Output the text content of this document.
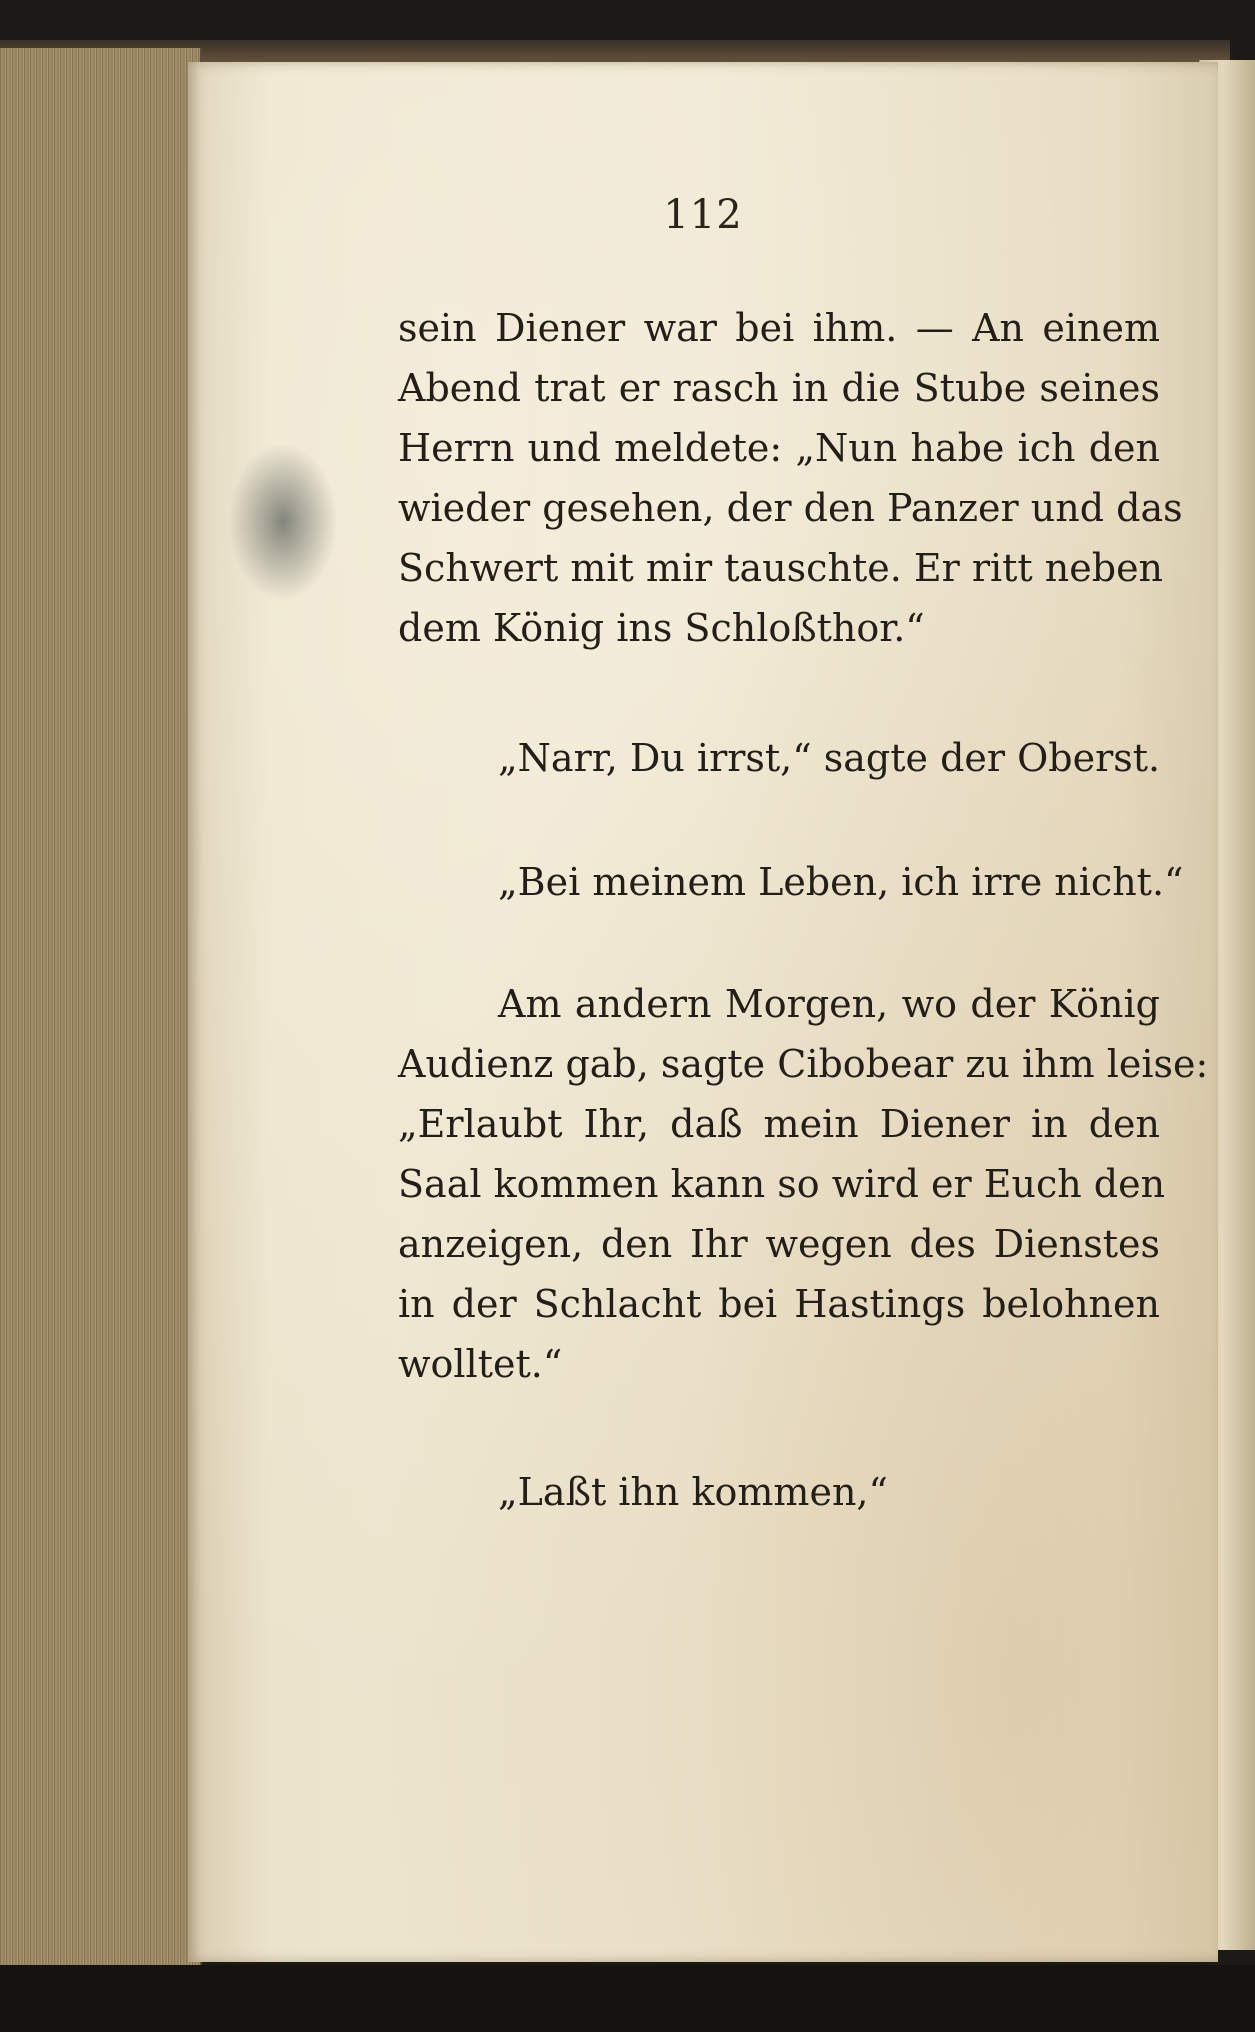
112
sein Diener war bei ihm. — An einem
Abend trat er rasch in die Stube seines
Herrn und meldete: „Nun habe ich den
wieder gesehen, der den Panzer und das
Schwert mit mir tauschte. Er ritt neben
dem König ins Schloßthor.“
„Narr, Du irrst,“ sagte der Oberst.
„Bei meinem Leben, ich irre nicht.“
Am andern Morgen, wo der König
Audienz gab, sagte Cibobear zu ihm leise:
„Erlaubt Ihr, daß mein Diener in den
Saal kommen kann so wird er Euch den
anzeigen, den Ihr wegen des Dienstes
in der Schlacht bei Hastings belohnen
wolltet.“
„Laßt ihn kommen,“
